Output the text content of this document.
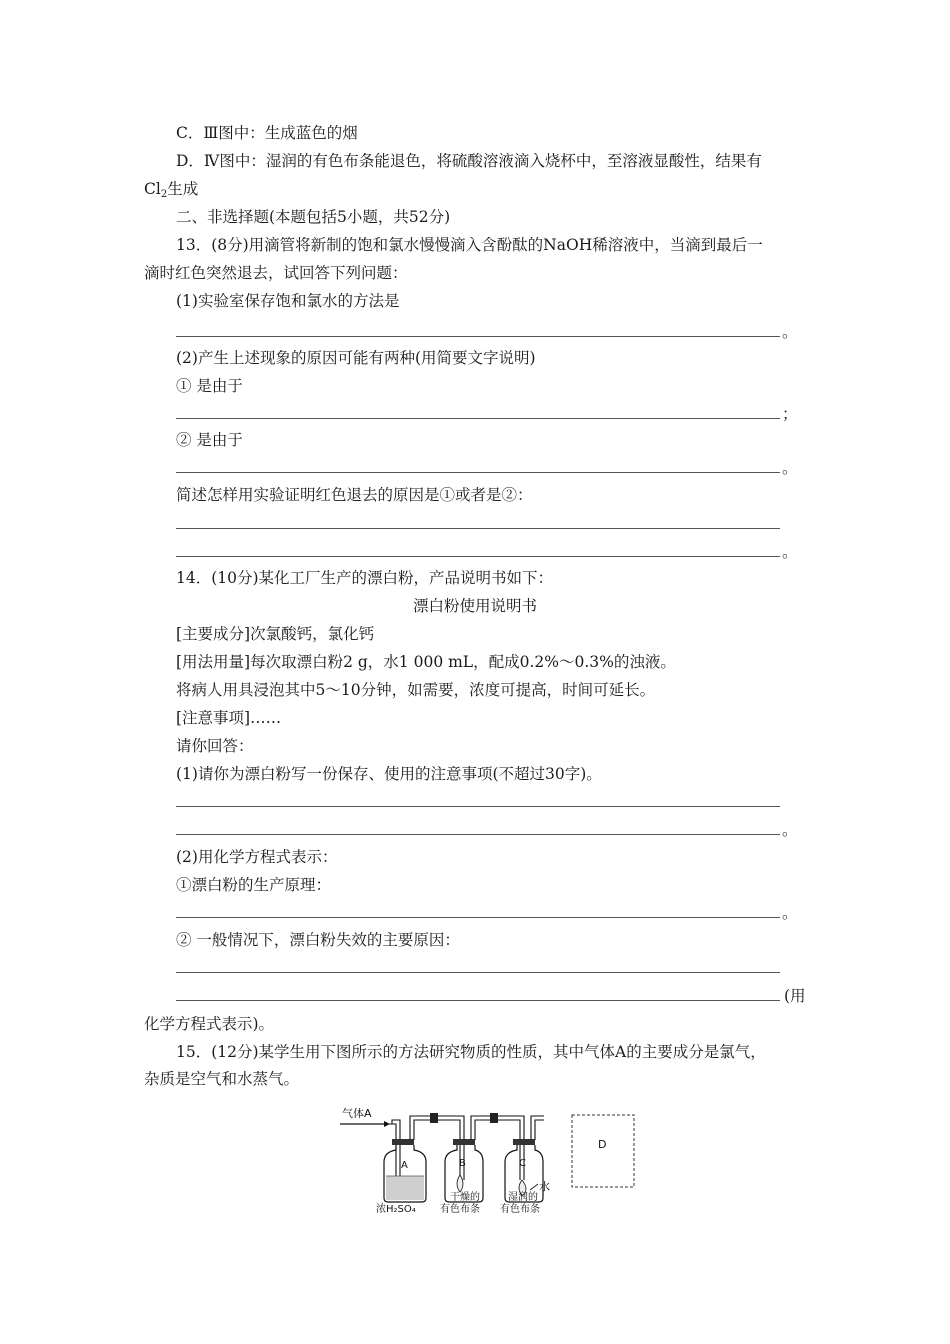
C．Ⅲ图中：生成蓝色的烟
D．Ⅳ图中：湿润的有色布条能退色，将硫酸溶液滴入烧杯中，至溶液显酸性，结果有
$Cl_2$生成
二、非选择题(本题包括5小题，共52分)
13．(8分)用滴管将新制的饱和氯水慢慢滴入含酚酞的NaOH稀溶液中，当滴到最后一
滴时红色突然退去，试回答下列问题：
(1)实验室保存饱和氯水的方法是
。
(2)产生上述现象的原因可能有两种(用简要文字说明)
① 是由于
；
② 是由于
。
简述怎样用实验证明红色退去的原因是①或者是②：
。
14．(10分)某化工厂生产的漂白粉，产品说明书如下：
漂白粉使用说明书
[主要成分]次氯酸钙，氯化钙
[用法用量]每次取漂白粉2 g，水1 000 mL，配成0.2%～0.3%的浊液。
将病人用具浸泡其中5～10分钟，如需要，浓度可提高，时间可延长。
[注意事项]……
请你回答：
(1)请你为漂白粉写一份保存、使用的注意事项(不超过30字)。
。
(2)用化学方程式表示：
①漂白粉的生产原理：
。
② 一般情况下，漂白粉失效的主要原因：
(用
化学方程式表示)。
15．(12分)某学生用下图所示的方法研究物质的性质，其中气体A的主要成分是氯气，
杂质是空气和水蒸气。
气体A
A	B	C
水
D
浓H₂SO₄
干燥的
有色布条
湿润的
有色布条
